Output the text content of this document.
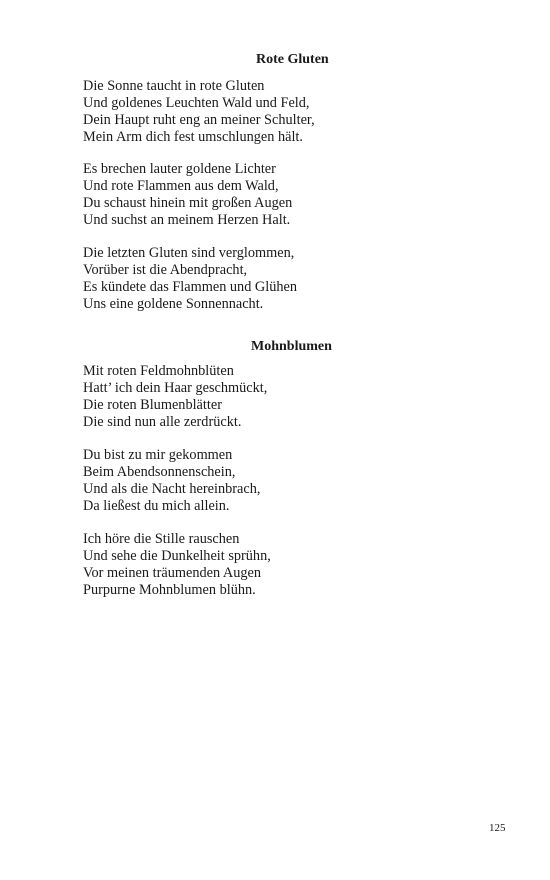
Rote Gluten
Die Sonne taucht in rote Gluten
Und goldenes Leuchten Wald und Feld,
Dein Haupt ruht eng an meiner Schulter,
Mein Arm dich fest umschlungen hält.
Es brechen lauter goldene Lichter
Und rote Flammen aus dem Wald,
Du schaust hinein mit großen Augen
Und suchst an meinem Herzen Halt.
Die letzten Gluten sind verglommen,
Vorüber ist die Abendpracht,
Es kündete das Flammen und Glühen
Uns eine goldene Sonnennacht.
Mohnblumen
Mit roten Feldmohnblüten
Hatt’ ich dein Haar geschmückt,
Die roten Blumenblätter
Die sind nun alle zerdrückt.
Du bist zu mir gekommen
Beim Abendsonnenschein,
Und als die Nacht hereinbrach,
Da ließest du mich allein.
Ich höre die Stille rauschen
Und sehe die Dunkelheit sprühn,
Vor meinen träumenden Augen
Purpurne Mohnblumen blühn.
125
